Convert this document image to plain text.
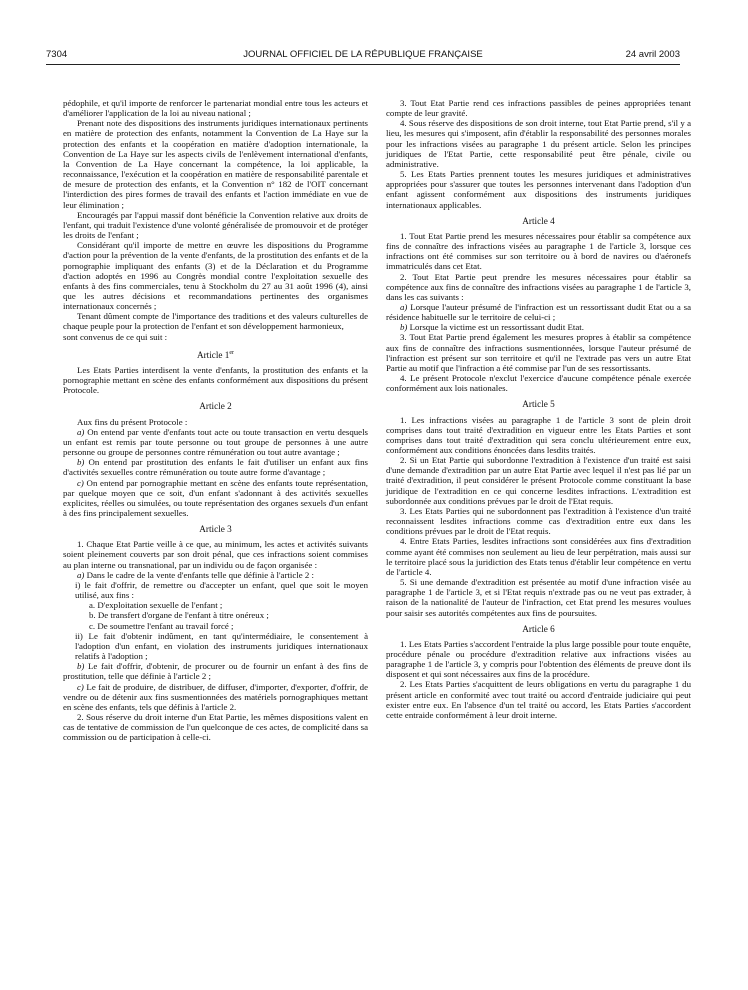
7304	JOURNAL OFFICIEL DE LA RÉPUBLIQUE FRANÇAISE	24 avril 2003

pédophile, et qu'il importe de renforcer le partenariat mondial entre tous les acteurs et d'améliorer l'application de la loi au niveau national ;

Prenant note des dispositions des instruments juridiques internationaux pertinents en matière de protection des enfants, notamment la Convention de La Haye sur la protection des enfants et la coopération en matière d'adoption internationale, la Convention de La Haye sur les aspects civils de l'enlèvement international d'enfants, la Convention de La Haye concernant la compétence, la loi applicable, la reconnaissance, l'exécution et la coopération en matière de responsabilité parentale et de mesure de protection des enfants, et la Convention n° 182 de l'OIT concernant l'interdiction des pires formes de travail des enfants et l'action immédiate en vue de leur élimination ;

Encouragés par l'appui massif dont bénéficie la Convention relative aux droits de l'enfant, qui traduit l'existence d'une volonté généralisée de promouvoir et de protéger les droits de l'enfant ;

Considérant qu'il importe de mettre en œuvre les dispositions du Programme d'action pour la prévention de la vente d'enfants, de la prostitution des enfants et de la pornographie impliquant des enfants (3) et de la Déclaration et du Programme d'action adoptés en 1996 au Congrès mondial contre l'exploitation sexuelle des enfants à des fins commerciales, tenu à Stockholm du 27 au 31 août 1996 (4), ainsi que les autres décisions et recommandations pertinentes des organismes internationaux concernés ;

Tenant dûment compte de l'importance des traditions et des valeurs culturelles de chaque peuple pour la protection de l'enfant et son développement harmonieux,

sont convenus de ce qui suit :

Article 1er

Les Etats Parties interdisent la vente d'enfants, la prostitution des enfants et la pornographie mettant en scène des enfants conformément aux dispositions du présent Protocole.

Article 2

Aux fins du présent Protocole :

a) On entend par vente d'enfants tout acte ou toute transaction en vertu desquels un enfant est remis par toute personne ou tout groupe de personnes à une autre personne ou groupe de personnes contre rémunération ou tout autre avantage ;

b) On entend par prostitution des enfants le fait d'utiliser un enfant aux fins d'activités sexuelles contre rémunération ou toute autre forme d'avantage ;

c) On entend par pornographie mettant en scène des enfants toute représentation, par quelque moyen que ce soit, d'un enfant s'adonnant à des activités sexuelles explicites, réelles ou simulées, ou toute représentation des organes sexuels d'un enfant à des fins principalement sexuelles.

Article 3

1. Chaque Etat Partie veille à ce que, au minimum, les actes et activités suivants soient pleinement couverts par son droit pénal, que ces infractions soient commises au plan interne ou transnational, par un individu ou de façon organisée :

a) Dans le cadre de la vente d'enfants telle que définie à l'article 2 :

i) le fait d'offrir, de remettre ou d'accepter un enfant, quel que soit le moyen utilisé, aux fins :

a. D'exploitation sexuelle de l'enfant ;

b. De transfert d'organe de l'enfant à titre onéreux ;

c. De soumettre l'enfant au travail forcé ;

ii) Le fait d'obtenir indûment, en tant qu'intermédiaire, le consentement à l'adoption d'un enfant, en violation des instruments juridiques internationaux relatifs à l'adoption ;

b) Le fait d'offrir, d'obtenir, de procurer ou de fournir un enfant à des fins de prostitution, telle que définie à l'article 2 ;

c) Le fait de produire, de distribuer, de diffuser, d'importer, d'exporter, d'offrir, de vendre ou de détenir aux fins susmentionnées des matériels pornographiques mettant en scène des enfants, tels que définis à l'article 2.

2. Sous réserve du droit interne d'un Etat Partie, les mêmes dispositions valent en cas de tentative de commission de l'un quelconque de ces actes, de complicité dans sa commission ou de participation à celle-ci.

3. Tout Etat Partie rend ces infractions passibles de peines appropriées tenant compte de leur gravité.

4. Sous réserve des dispositions de son droit interne, tout Etat Partie prend, s'il y a lieu, les mesures qui s'imposent, afin d'établir la responsabilité des personnes morales pour les infractions visées au paragraphe 1 du présent article. Selon les principes juridiques de l'Etat Partie, cette responsabilité peut être pénale, civile ou administrative.

5. Les Etats Parties prennent toutes les mesures juridiques et administratives appropriées pour s'assurer que toutes les personnes intervenant dans l'adoption d'un enfant agissent conformément aux dispositions des instruments juridiques internationaux applicables.

Article 4

1. Tout Etat Partie prend les mesures nécessaires pour établir sa compétence aux fins de connaître des infractions visées au paragraphe 1 de l'article 3, lorsque ces infractions ont été commises sur son territoire ou à bord de navires ou d'aéronefs immatriculés dans cet Etat.

2. Tout Etat Partie peut prendre les mesures nécessaires pour établir sa compétence aux fins de connaître des infractions visées au paragraphe 1 de l'article 3, dans les cas suivants :

a) Lorsque l'auteur présumé de l'infraction est un ressortissant dudit Etat ou a sa résidence habituelle sur le territoire de celui-ci ;

b) Lorsque la victime est un ressortissant dudit Etat.

3. Tout Etat Partie prend également les mesures propres à établir sa compétence aux fins de connaître des infractions susmentionnées, lorsque l'auteur présumé de l'infraction est présent sur son territoire et qu'il ne l'extrade pas vers un autre Etat Partie au motif que l'infraction a été commise par l'un de ses ressortissants.

4. Le présent Protocole n'exclut l'exercice d'aucune compétence pénale exercée conformément aux lois nationales.

Article 5

1. Les infractions visées au paragraphe 1 de l'article 3 sont de plein droit comprises dans tout traité d'extradition en vigueur entre les Etats Parties et sont comprises dans tout traité d'extradition qui sera conclu ultérieurement entre eux, conformément aux conditions énoncées dans lesdits traités.

2. Si un Etat Partie qui subordonne l'extradition à l'existence d'un traité est saisi d'une demande d'extradition par un autre Etat Partie avec lequel il n'est pas lié par un traité d'extradition, il peut considérer le présent Protocole comme constituant la base juridique de l'extradition en ce qui concerne lesdites infractions. L'extradition est subordonnée aux conditions prévues par le droit de l'Etat requis.

3. Les Etats Parties qui ne subordonnent pas l'extradition à l'existence d'un traité reconnaissent lesdites infractions comme cas d'extradition entre eux dans les conditions prévues par le droit de l'Etat requis.

4. Entre Etats Parties, lesdites infractions sont considérées aux fins d'extradition comme ayant été commises non seulement au lieu de leur perpétration, mais aussi sur le territoire placé sous la juridiction des Etats tenus d'établir leur compétence en vertu de l'article 4.

5. Si une demande d'extradition est présentée au motif d'une infraction visée au paragraphe 1 de l'article 3, et si l'Etat requis n'extrade pas ou ne veut pas extrader, à raison de la nationalité de l'auteur de l'infraction, cet Etat prend les mesures voulues pour saisir ses autorités compétentes aux fins de poursuites.

Article 6

1. Les Etats Parties s'accordent l'entraide la plus large possible pour toute enquête, procédure pénale ou procédure d'extradition relative aux infractions visées au paragraphe 1 de l'article 3, y compris pour l'obtention des éléments de preuve dont ils disposent et qui sont nécessaires aux fins de la procédure.

2. Les Etats Parties s'acquittent de leurs obligations en vertu du paragraphe 1 du présent article en conformité avec tout traité ou accord d'entraide judiciaire qui peut exister entre eux. En l'absence d'un tel traité ou accord, les Etats Parties s'accordent cette entraide conformément à leur droit interne.
